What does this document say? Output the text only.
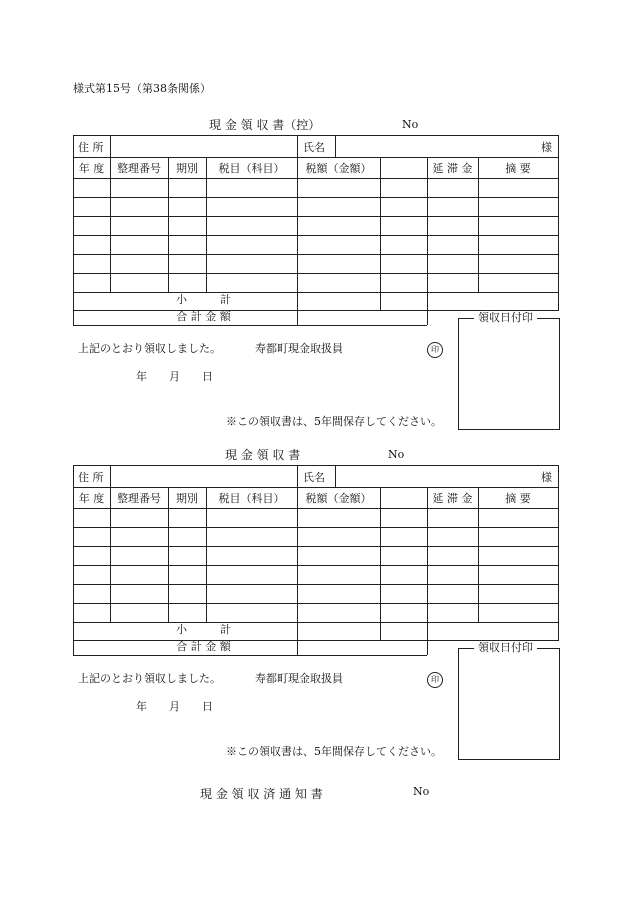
様式第15号（第38条関係）
現 金 領 収 書（控）	No
住 所	氏名	様
年 度	整理番号	期別	税目（科目）	税額（金額）	延 滞 金	摘 要
小　　　計
合 計 金 額	領収日付印
上記のとおり領収しました。	寿都町現金取扱員	印
年　　月　　日
※この領収書は、5年間保存してください。
現 金 領 収 書	No
住 所	氏名	様
年 度	整理番号	期別	税目（科目）	税額（金額）	延 滞 金	摘 要
小　　　計
合 計 金 額	領収日付印
上記のとおり領収しました。	寿都町現金取扱員	印
年　　月　　日
※この領収書は、5年間保存してください。
現 金 領 収 済 通 知 書	No
